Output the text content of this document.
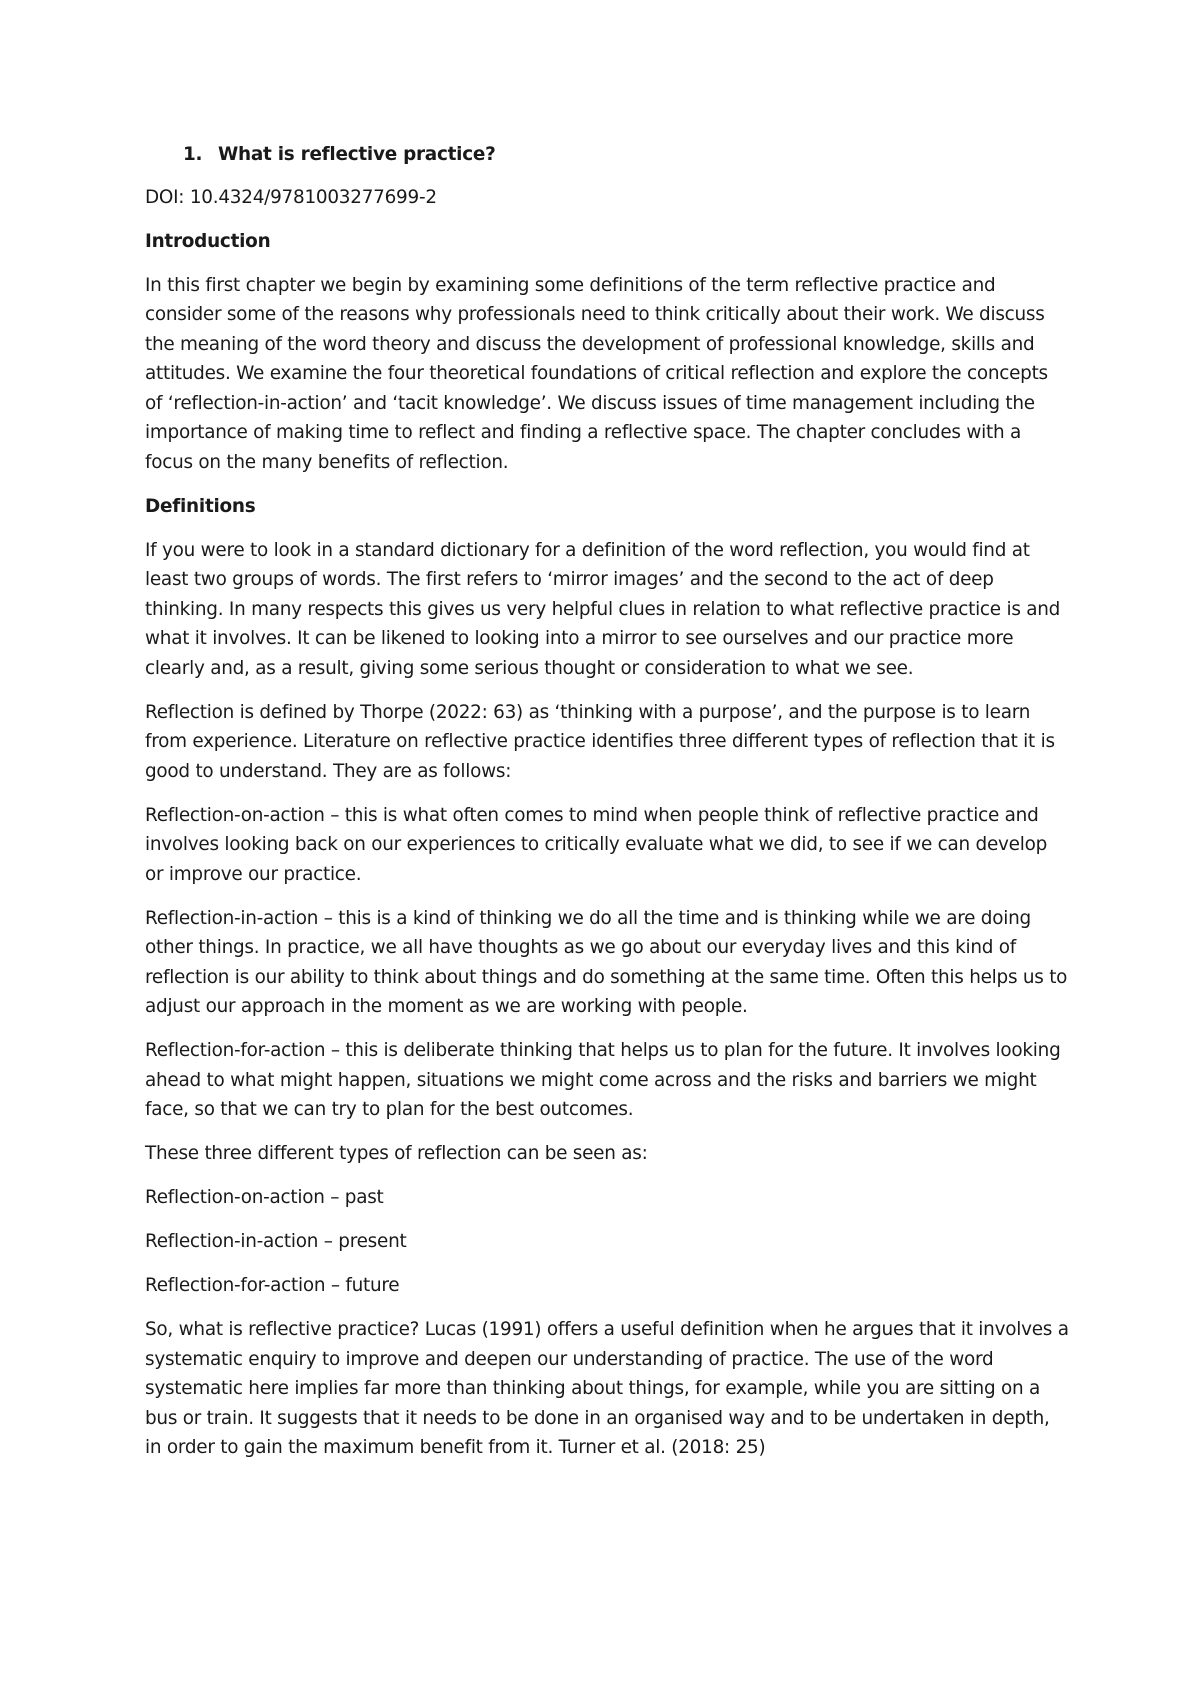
1. What is reflective practice?

DOI: 10.4324/9781003277699-2

Introduction

In this first chapter we begin by examining some definitions of the term reflective practice and consider some of the reasons why professionals need to think critically about their work. We discuss the meaning of the word theory and discuss the development of professional knowledge, skills and attitudes. We examine the four theoretical foundations of critical reflection and explore the concepts of ‘reflection-in-action’ and ‘tacit knowledge’. We discuss issues of time management including the importance of making time to reflect and finding a reflective space. The chapter concludes with a focus on the many benefits of reflection.

Definitions

If you were to look in a standard dictionary for a definition of the word reflection, you would find at least two groups of words. The first refers to ‘mirror images’ and the second to the act of deep thinking. In many respects this gives us very helpful clues in relation to what reflective practice is and what it involves. It can be likened to looking into a mirror to see ourselves and our practice more clearly and, as a result, giving some serious thought or consideration to what we see.

Reflection is defined by Thorpe (2022: 63) as ‘thinking with a purpose’, and the purpose is to learn from experience. Literature on reflective practice identifies three different types of reflection that it is good to understand. They are as follows:

Reflection-on-action – this is what often comes to mind when people think of reflective practice and involves looking back on our experiences to critically evaluate what we did, to see if we can develop or improve our practice.

Reflection-in-action – this is a kind of thinking we do all the time and is thinking while we are doing other things. In practice, we all have thoughts as we go about our everyday lives and this kind of reflection is our ability to think about things and do something at the same time. Often this helps us to adjust our approach in the moment as we are working with people.

Reflection-for-action – this is deliberate thinking that helps us to plan for the future. It involves looking ahead to what might happen, situations we might come across and the risks and barriers we might face, so that we can try to plan for the best outcomes.

These three different types of reflection can be seen as:

Reflection-on-action – past

Reflection-in-action – present

Reflection-for-action – future

So, what is reflective practice? Lucas (1991) offers a useful definition when he argues that it involves a systematic enquiry to improve and deepen our understanding of practice. The use of the word systematic here implies far more than thinking about things, for example, while you are sitting on a bus or train. It suggests that it needs to be done in an organised way and to be undertaken in depth, in order to gain the maximum benefit from it. Turner et al. (2018: 25)
